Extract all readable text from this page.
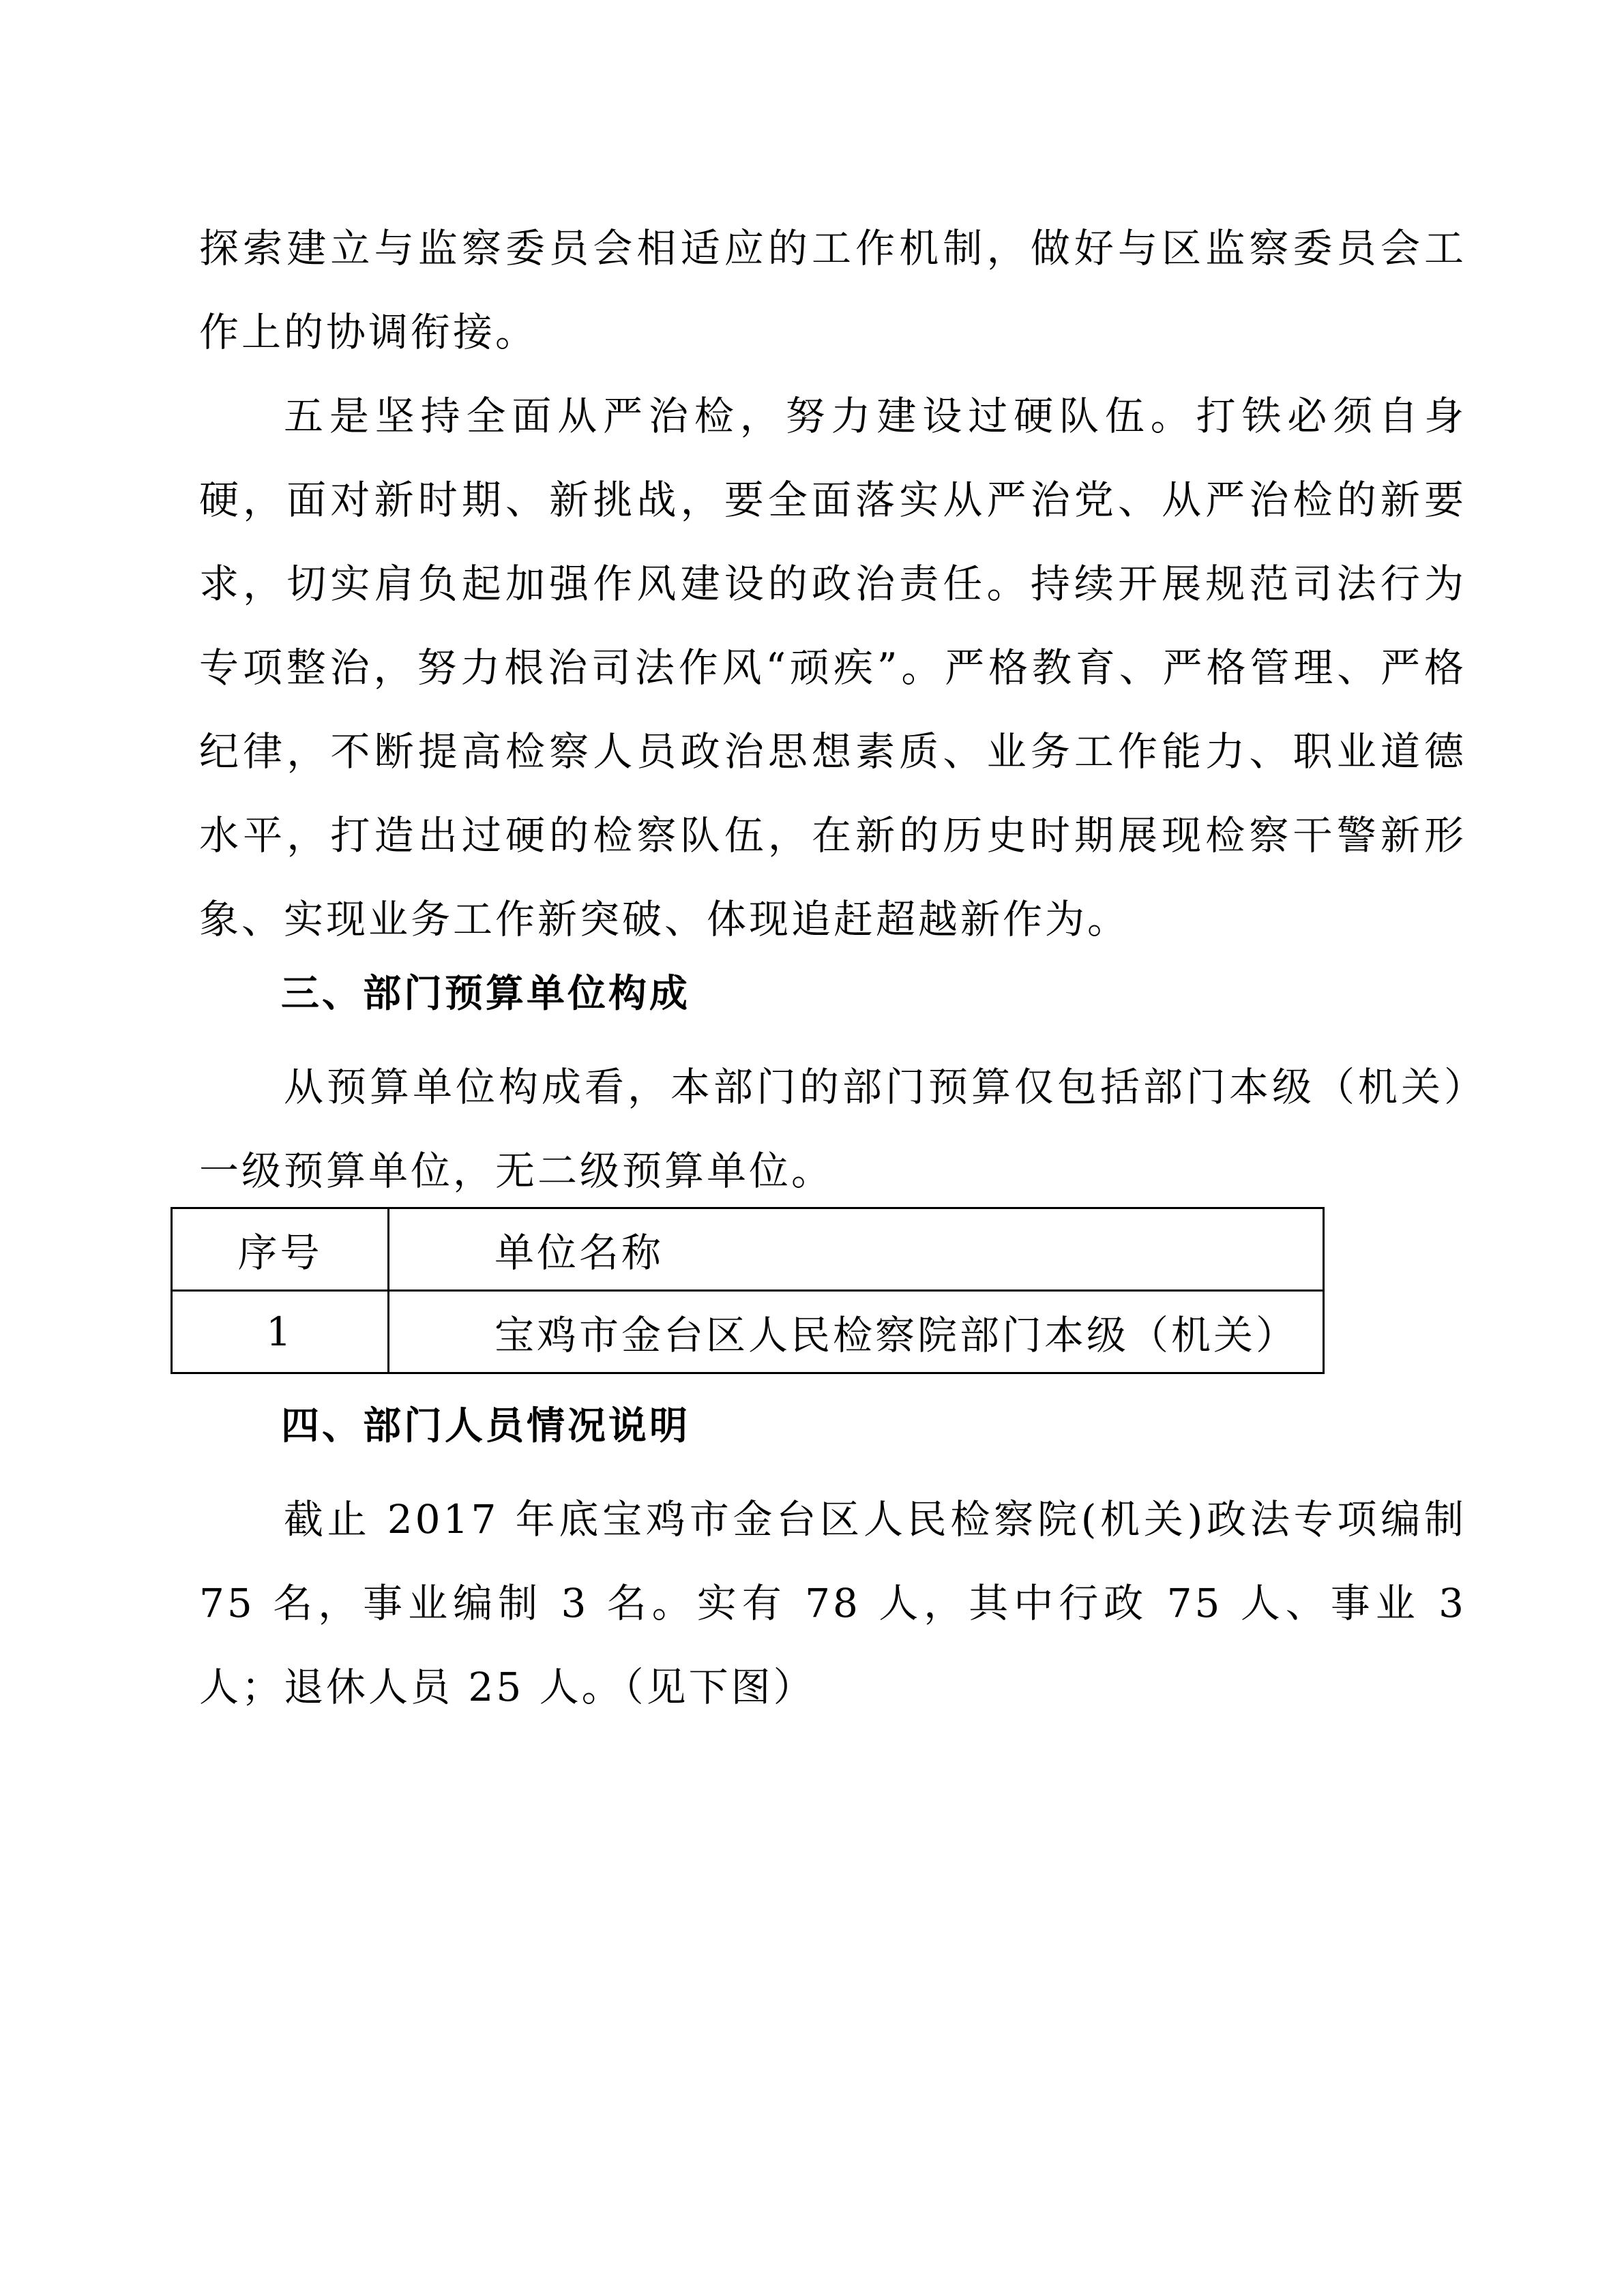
探索建立与监察委员会相适应的工作机制，做好与区监察委员会工作上的协调衔接。

五是坚持全面从严治检，努力建设过硬队伍。打铁必须自身硬，面对新时期、新挑战，要全面落实从严治党、从严治检的新要求，切实肩负起加强作风建设的政治责任。持续开展规范司法行为专项整治，努力根治司法作风“顽疾”。严格教育、严格管理、严格纪律，不断提高检察人员政治思想素质、业务工作能力、职业道德水平，打造出过硬的检察队伍，在新的历史时期展现检察干警新形象、实现业务工作新突破、体现追赶超越新作为。

三、部门预算单位构成

从预算单位构成看，本部门的部门预算仅包括部门本级（机关）一级预算单位，无二级预算单位。

序号	单位名称
1	宝鸡市金台区人民检察院部门本级（机关）
四、部门人员情况说明

截止 2017 年底宝鸡市金台区人民检察院(机关)政法专项编制 75 名，事业编制 3 名。实有 78 人，其中行政 75 人、事业 3 人；退休人员 25 人。（见下图）
